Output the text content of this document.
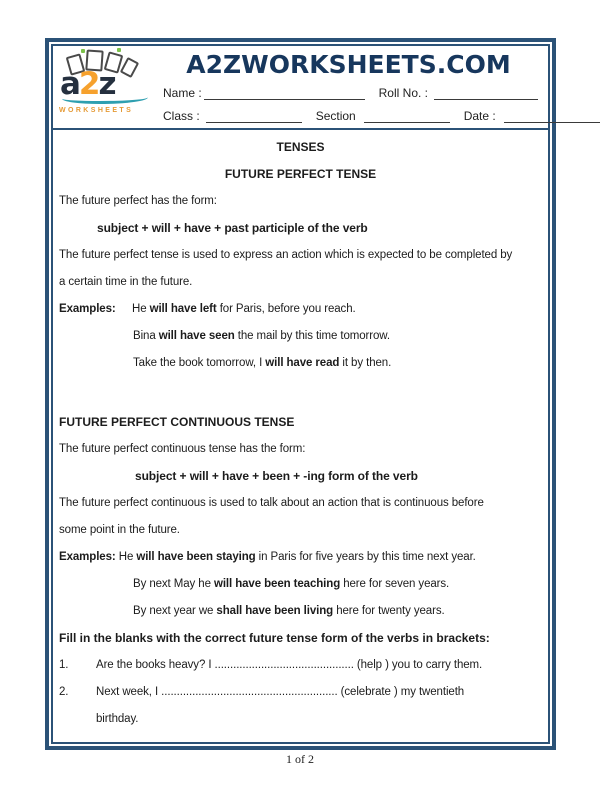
a2z
WORKSHEETS
A2ZWORKSHEETS.COM
Name :	Roll No. :
Class :	Section	Date :
TENSES
FUTURE PERFECT TENSE
The future perfect has the form:
subject + will + have + past participle of the verb
The future perfect tense is used to express an action which is expected to be completed by
a certain time in the future.
Examples: He will have left for Paris, before you reach.
Bina will have seen the mail by this time tomorrow.
Take the book tomorrow, I will have read it by then.
FUTURE PERFECT CONTINUOUS TENSE
The future perfect continuous tense has the form:
subject + will + have + been + -ing form of the verb
The future perfect continuous is used to talk about an action that is continuous before
some point in the future.
Examples: He will have been staying in Paris for five years by this time next year.
By next May he will have been teaching here for seven years.
By next year we shall have been living here for twenty years.
Fill in the blanks with the correct future tense form of the verbs in brackets:
1. Are the books heavy? I ............................................. (help ) you to carry them.
2. Next week, I ......................................................... (celebrate ) my twentieth
birthday.
1 of 2
